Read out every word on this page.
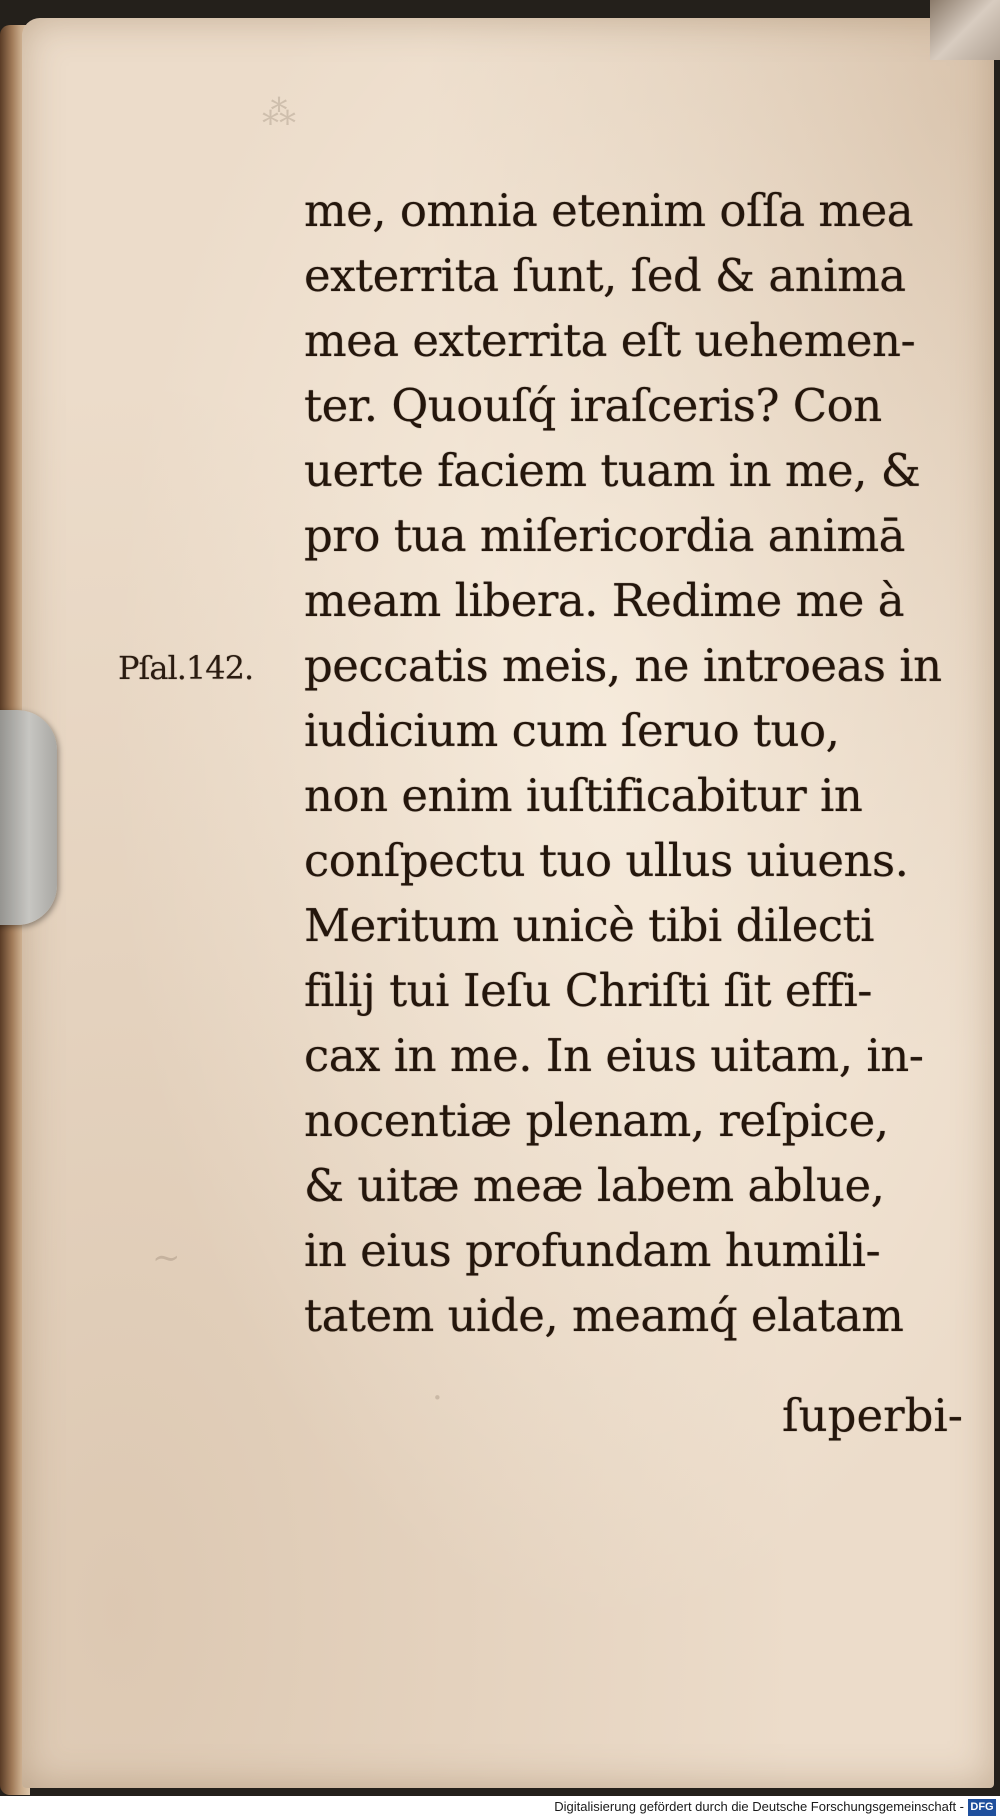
⁂
∼
·
Pſal.142.
me, omnia etenim oſſa mea
exterrita ſunt, ſed & anima
mea exterrita eſt uehemen-
ter. Quouſq́ iraſceris? Con
uerte faciem tuam in me, &
pro tua miſericordia animā
meam libera. Redime me à
peccatis meis, ne introeas in
iudicium cum ſeruo tuo,
non enim iuſtificabitur in
conſpectu tuo ullus uiuens.
Meritum unicè tibi dilecti
filij tui Ieſu Chriſti ſit effi-
cax in me. In eius uitam, in-
nocentiæ plenam, reſpice,
& uitæ meæ labem ablue,
in eius profundam humili-
tatem uide, meamq́ elatam
ſuperbi-
Digitalisierung gefördert durch die Deutsche Forschungsgemeinschaft - DFG
